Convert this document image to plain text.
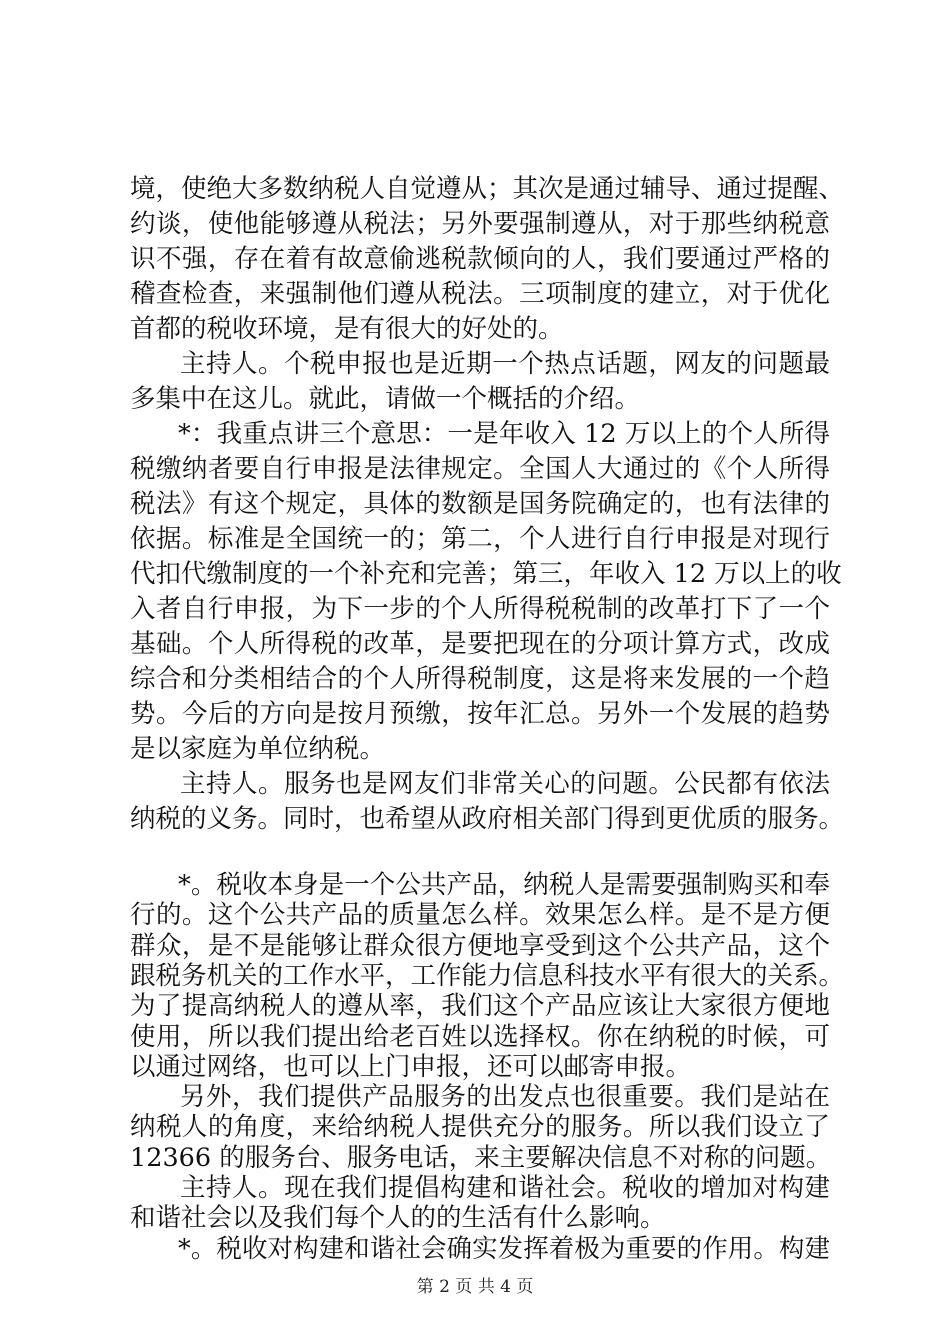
境，使绝大多数纳税人自觉遵从；其次是通过辅导、通过提醒、
约谈，使他能够遵从税法；另外要强制遵从，对于那些纳税意
识不强，存在着有故意偷逃税款倾向的人，我们要通过严格的
稽查检查，来强制他们遵从税法。三项制度的建立，对于优化
首都的税收环境，是有很大的好处的。
主持人。个税申报也是近期一个热点话题，网友的问题最
多集中在这儿。就此，请做一个概括的介绍。
*：我重点讲三个意思：一是年收入 12 万以上的个人所得
税缴纳者要自行申报是法律规定。全国人大通过的《个人所得
税法》有这个规定，具体的数额是国务院确定的，也有法律的
依据。标准是全国统一的；第二，个人进行自行申报是对现行
代扣代缴制度的一个补充和完善；第三，年收入 12 万以上的收
入者自行申报，为下一步的个人所得税税制的改革打下了一个
基础。个人所得税的改革，是要把现在的分项计算方式，改成
综合和分类相结合的个人所得税制度，这是将来发展的一个趋
势。今后的方向是按月预缴，按年汇总。另外一个发展的趋势
是以家庭为单位纳税。
主持人。服务也是网友们非常关心的问题。公民都有依法
纳税的义务。同时，也希望从政府相关部门得到更优质的服务。
*。税收本身是一个公共产品，纳税人是需要强制购买和奉
行的。这个公共产品的质量怎么样。效果怎么样。是不是方便
群众，是不是能够让群众很方便地享受到这个公共产品，这个
跟税务机关的工作水平，工作能力信息科技水平有很大的关系。
为了提高纳税人的遵从率，我们这个产品应该让大家很方便地
使用，所以我们提出给老百姓以选择权。你在纳税的时候，可
以通过网络，也可以上门申报，还可以邮寄申报。
另外，我们提供产品服务的出发点也很重要。我们是站在
纳税人的角度，来给纳税人提供充分的服务。所以我们设立了
12366 的服务台、服务电话，来主要解决信息不对称的问题。
主持人。现在我们提倡构建和谐社会。税收的增加对构建
和谐社会以及我们每个人的的生活有什么影响。
*。税收对构建和谐社会确实发挥着极为重要的作用。构建
第 2 页 共 4 页
